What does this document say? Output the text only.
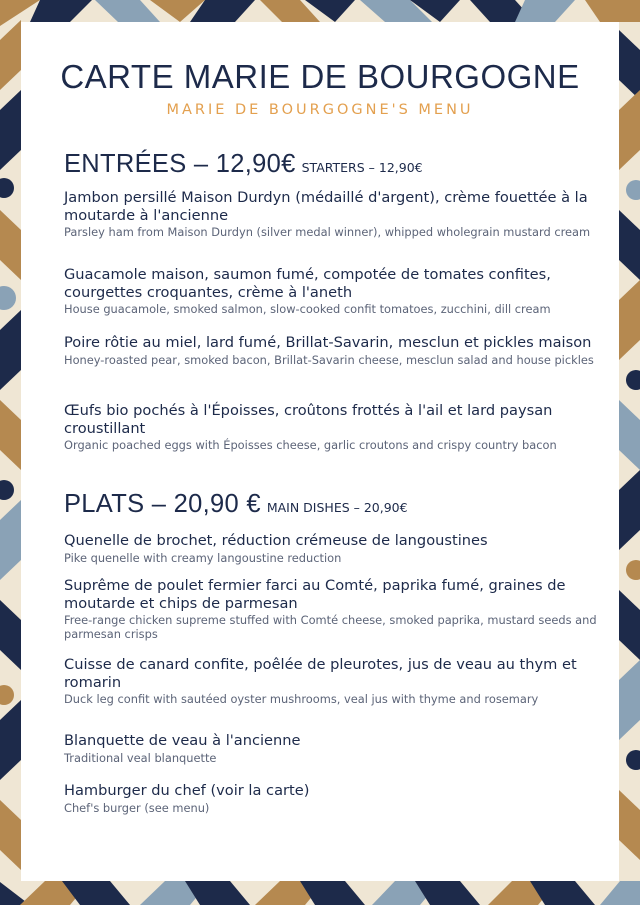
CARTE MARIE DE BOURGOGNE
MARIE DE BOURGOGNE'S MENU
ENTRÉES – 12,90€ STARTERS – 12,90€
Jambon persillé Maison Durdyn (médaillé d'argent), crème fouettée à la moutarde à l'ancienne
Parsley ham from Maison Durdyn (silver medal winner), whipped wholegrain mustard cream
Guacamole maison, saumon fumé, compotée de tomates confites, courgettes croquantes, crème à l'aneth
House guacamole, smoked salmon, slow-cooked confit tomatoes, zucchini, dill cream
Poire rôtie au miel, lard fumé, Brillat-Savarin, mesclun et pickles maison
Honey-roasted pear, smoked bacon, Brillat-Savarin cheese, mesclun salad and house pickles
Œufs bio pochés à l'Époisses, croûtons frottés à l'ail et lard paysan croustillant
Organic poached eggs with Époisses cheese, garlic croutons and crispy country bacon
PLATS – 20,90 € MAIN DISHES – 20,90€
Quenelle de brochet, réduction crémeuse de langoustines
Pike quenelle with creamy langoustine reduction
Suprême de poulet fermier farci au Comté, paprika fumé, graines de moutarde et chips de parmesan
Free-range chicken supreme stuffed with Comté cheese, smoked paprika, mustard seeds and parmesan crisps
Cuisse de canard confite, poêlée de pleurotes, jus de veau au thym et romarin
Duck leg confit with sautéed oyster mushrooms, veal jus with thyme and rosemary
Blanquette de veau à l'ancienne
Traditional veal blanquette
Hamburger du chef (voir la carte)
Chef's burger (see menu)
